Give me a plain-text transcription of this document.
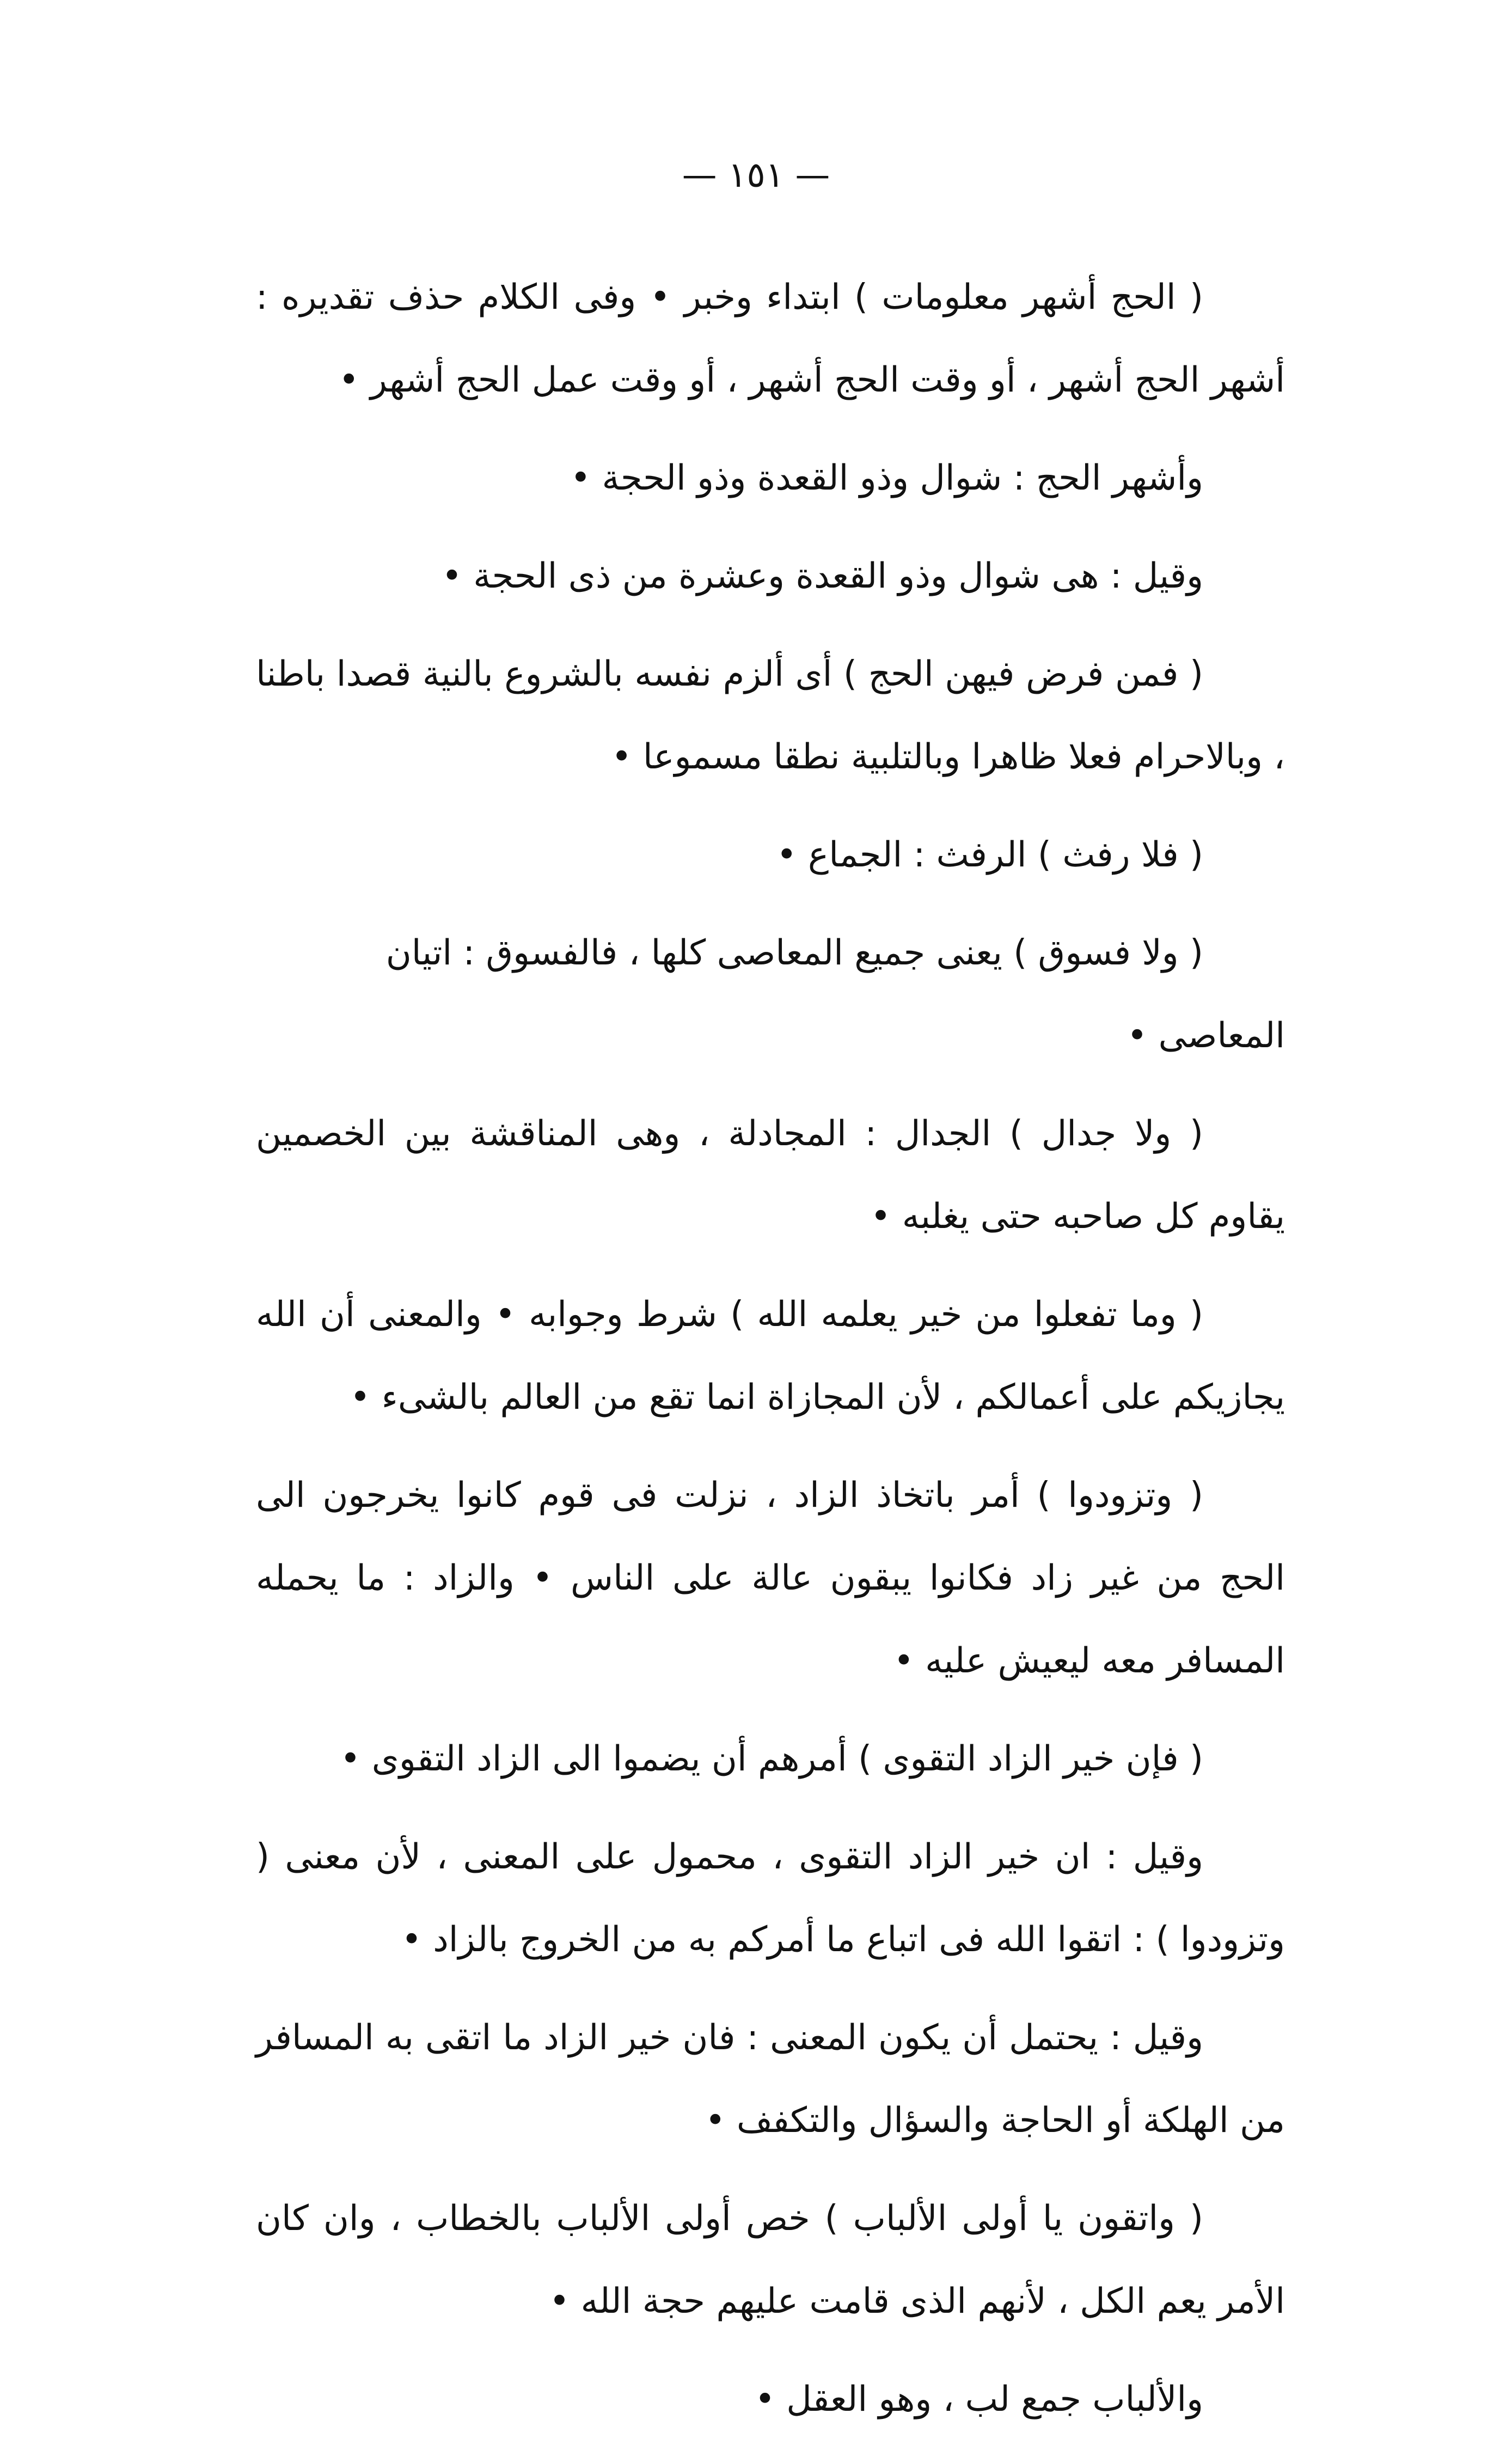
— ١٥١ —

( الحج أشهر معلومات ) ابتداء وخبر • وفى الكلام حذف تقديره : أشهر الحج أشهر ، أو وقت الحج أشهر ، أو وقت عمل الحج أشهر •

وأشهر الحج : شوال وذو القعدة وذو الحجة •

وقيل : هى شوال وذو القعدة وعشرة من ذى الحجة •

( فمن فرض فيهن الحج ) أى ألزم نفسه بالشروع بالنية قصدا باطنا ، وبالاحرام فعلا ظاهرا وبالتلبية نطقا مسموعا •

( فلا رفث ) الرفث : الجماع •

( ولا فسوق ) يعنى جميع المعاصى كلها ، فالفسوق : اتيان المعاصى •

( ولا جدال ) الجدال : المجادلة ، وهى المناقشة بين الخصمين يقاوم كل صاحبه حتى يغلبه •

( وما تفعلوا من خير يعلمه الله ) شرط وجوابه • والمعنى أن الله يجازيكم على أعمالكم ، لأن المجازاة انما تقع من العالم بالشىء •

( وتزودوا ) أمر باتخاذ الزاد ، نزلت فى قوم كانوا يخرجون الى الحج من غير زاد فكانوا يبقون عالة على الناس • والزاد : ما يحمله المسافر معه ليعيش عليه •

( فإن خير الزاد التقوى ) أمرهم أن يضموا الى الزاد التقوى •

وقيل : ان خير الزاد التقوى ، محمول على المعنى ، لأن معنى ( وتزودوا ) : اتقوا الله فى اتباع ما أمركم به من الخروج بالزاد •

وقيل : يحتمل أن يكون المعنى : فان خير الزاد ما اتقى به المسافر من الهلكة أو الحاجة والسؤال والتكفف •

( واتقون يا أولى الألباب ) خص أولى الألباب بالخطاب ، وان كان الأمر يعم الكل ، لأنهم الذى قامت عليهم حجة الله •

والألباب جمع لب ، وهو العقل •
